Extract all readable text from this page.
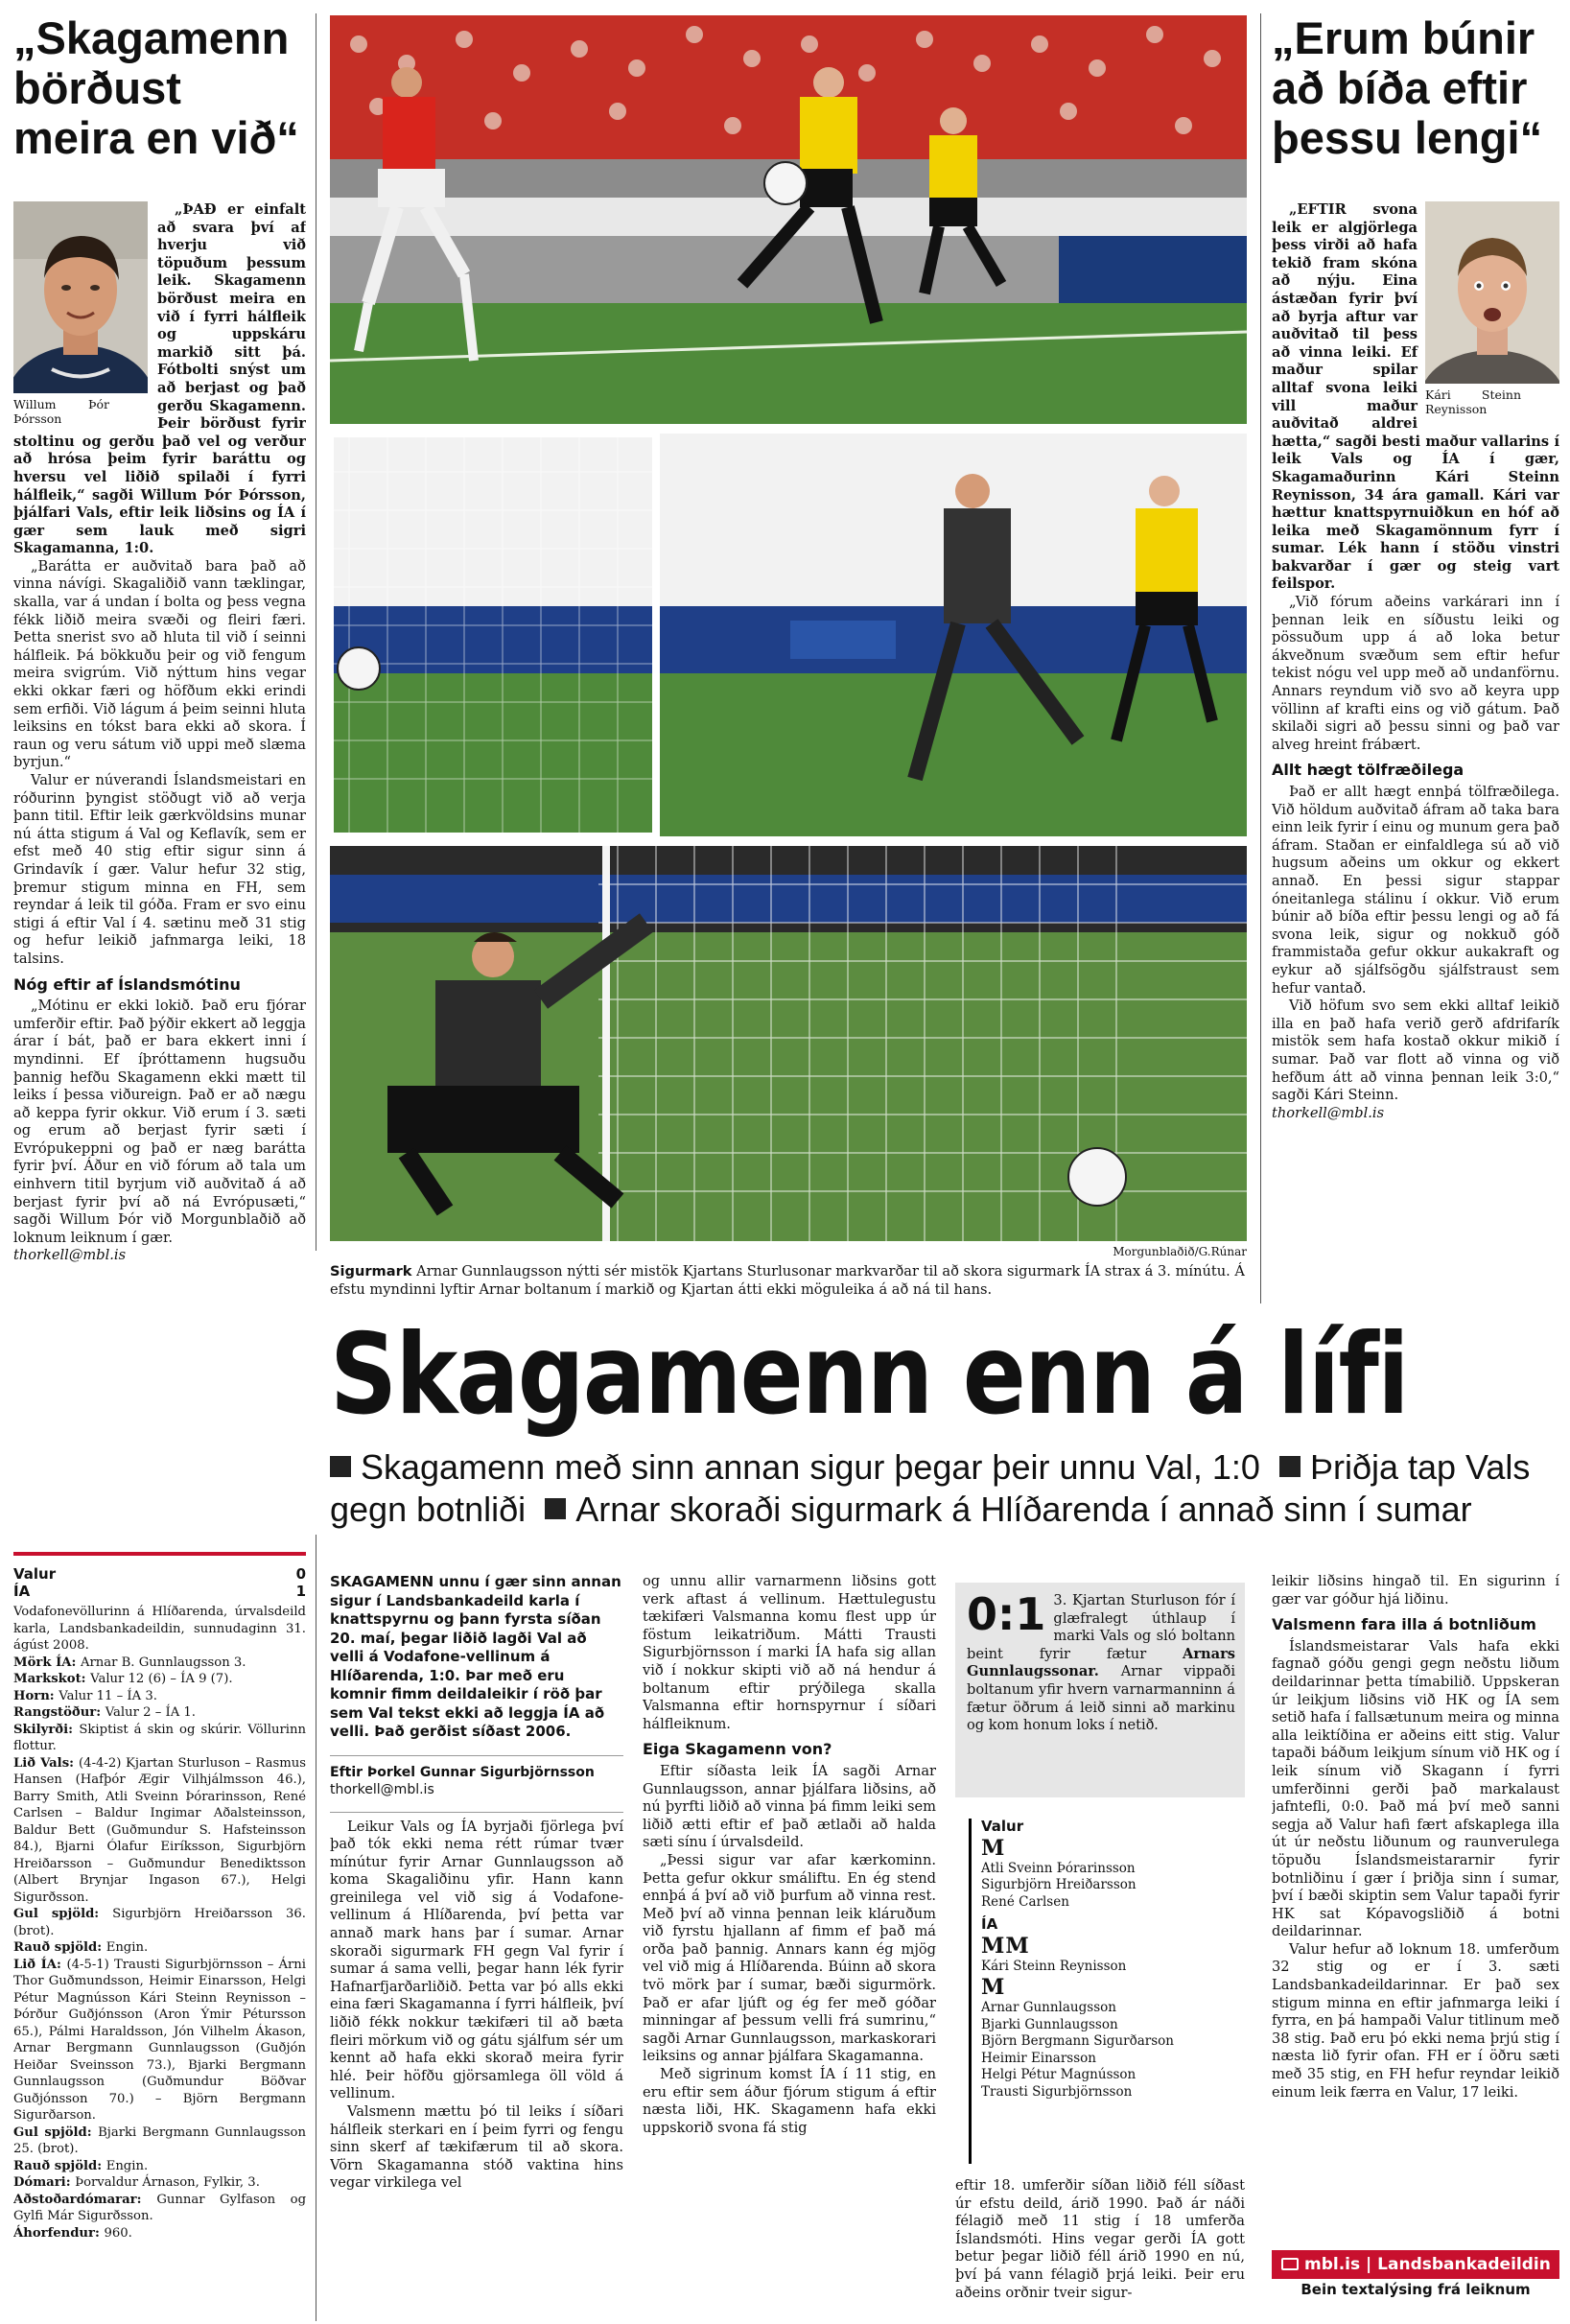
„Skagamenn börðust meira en við“
Willum Þór Þórsson

„ÞAÐ er einfalt að svara því af hverju við töpuðum þessum leik. Skagamenn börðust meira en við í fyrri hálfleik og uppskáru markið sitt þá. Fótbolti snýst um að berjast og það gerðu Skagamenn. Þeir börðust fyrir stoltinu og gerðu það vel og verður að hrósa þeim fyrir baráttu og hversu vel liðið spilaði í fyrri hálfleik,“ sagði Willum Þór Þórsson, þjálfari Vals, eftir leik liðsins og ÍA í gær sem lauk með sigri Skagamanna, 1:0.

„Baráttа er auðvitað bara það að vinna návígi. Skagaliðið vann tæklingar, skalla, var á undan í bolta og þess vegna fékk liðið meira svæði og fleiri færi. Þetta snerist svo að hluta til við í seinni hálfleik. Þá bökkuðu þeir og við fengum meira svigrúm. Við nýttum hins vegar ekki okkar færi og höfðum ekki erindi sem erfiði. Við lágum á þeim seinni hluta leiksins en tókst bara ekki að skora. Í raun og veru sátum við uppi með slæma byrjun.“

Valur er núverandi Íslandsmeistari en róðurinn þyngist stöðugt við að verja þann titil. Eftir leik gærkvöldsins munar nú átta stigum á Val og Keflavík, sem er efst með 40 stig eftir sigur sinn á Grindavík í gær. Valur hefur 32 stig, þremur stigum minna en FH, sem reyndar á leik til góða. Fram er svo einu stigi á eftir Val í 4. sætinu með 31 stig og hefur leikið jafnmarga leiki, 18 talsins.

Nóg eftir af Íslandsmótinu

„Mótinu er ekki lokið. Það eru fjórar umferðir eftir. Það þýðir ekkert að leggja árar í bát, það er bara ekkert inni í myndinni. Ef íþróttamenn hugsuðu þannig hefðu Skagamenn ekki mætt til leiks í þessa viðureign. Það er að nægu að keppa fyrir okkur. Við erum í 3. sæti og erum að berjast fyrir sæti í Evrópukeppni og það er næg barátta fyrir því. Áður en við fórum að tala um einhvern titil byrjum við auðvitað á að berjast fyrir því að ná Evrópusæti,“ sagði Willum Þór við Morgunblaðið að loknum leiknum í gær.

thorkell@mbl.is

Valur	0
ÍA	1
Vodafonevöllurinn á Hlíðarenda, úrvalsdeild karla, Landsbankadeildin, sunnudaginn 31. ágúst 2008.
Mörk ÍA: Arnar B. Gunnlaugsson 3.
Markskot: Valur 12 (6) – ÍA 9 (7).
Horn: Valur 11 – ÍA 3.
Rangstöður: Valur 2 – ÍA 1.
Skilyrði: Skiptist á skin og skúrir. Völlurinn flottur.
Lið Vals: (4-4-2) Kjartan Sturluson – Rasmus Hansen (Hafþór Ægir Vilhjálmsson 46.), Barry Smith, Atli Sveinn Þórarinsson, René Carlsen – Baldur Ingimar Aðalsteinsson, Baldur Bett (Guðmundur S. Hafsteinsson 84.), Bjarni Ólafur Eiríksson, Sigurbjörn Hreiðarsson – Guðmundur Benediktsson (Albert Brynjar Ingason 67.), Helgi Sigurðsson.
Gul spjöld: Sigurbjörn Hreiðarsson 36. (brot).
Rauð spjöld: Engin.
Lið ÍA: (4-5-1) Trausti Sigurbjörnsson – Árni Thor Guðmundsson, Heimir Einarsson, Helgi Pétur Magnússon Kári Steinn Reynisson – Þórður Guðjónsson (Aron Ýmir Pétursson 65.), Pálmi Haraldsson, Jón Vilhelm Ákason, Arnar Bergmann Gunnlaugsson (Guðjón Heiðar Sveinsson 73.), Bjarki Bergmann Gunnlaugsson (Guðmundur Böðvar Guðjónsson 70.) – Björn Bergmann Sigurðarson.
Gul spjöld: Bjarki Bergmann Gunnlaugsson 25. (brot).
Rauð spjöld: Engin.
Dómari: Þorvaldur Árnason, Fylkir, 3.
Aðstoðardómarar: Gunnar Gylfason og Gylfi Már Sigurðsson.
Áhorfendur: 960.
Morgunblaðið/G.Rúnar
Sigurmark Arnar Gunnlaugsson nýtti sér mistök Kjartans Sturlusonar markvarðar til að skora sigurmark ÍA strax á 3. mínútu. Á efstu myndinni lyftir Arnar boltanum í markið og Kjartan átti ekki möguleika á að ná til hans.
„Erum búnir að bíða eftir þessu lengi“
Kári Steinn Reynisson

„EFTIR svona leik er algjörlega þess virði að hafa tekið fram skóna að nýju. Eina ástæðan fyrir því að byrja aftur var auðvitað til þess að vinna leiki. Ef maður spilar alltaf svona leiki vill maður auðvitað aldrei hætta,“ sagði besti maður vallarins í leik Vals og ÍA í gær, Skagamaðurinn Kári Steinn Reynisson, 34 ára gamall. Kári var hættur knattspyrnuiðkun en hóf að leika með Skagamönnum fyrr í sumar. Lék hann í stöðu vinstri bakvarðar í gær og steig vart feilspor.

„Við fórum aðeins varkárari inn í þennan leik en síðustu leiki og pössuðum upp á að loka betur ákveðnum svæðum sem eftir hefur tekist nógu vel upp með að undanförnu. Annars reyndum við svo að keyra upp völlinn af krafti eins og við gátum. Það skilaði sigri að þessu sinni og það var alveg hreint frábært.

Allt hægt tölfræðilega

Það er allt hægt ennþá tölfræðilega. Við höldum auðvitað áfram að taka bara einn leik fyrir í einu og munum gera það áfram. Staðan er einfaldlega sú að við hugsum aðeins um okkur og ekkert annað. En þessi sigur stappar óneitanlega stálinu í okkur. Við erum búnir að bíða eftir þessu lengi og að fá svona leik, sigur og nokkuð góð frammistaða gefur okkur aukakraft og eykur að sjálfsögðu sjálfstraust sem hefur vantað.

Við höfum svo sem ekki alltaf leikið illa en það hafa verið gerð afdrifarík mistök sem hafa kostað okkur mikið í sumar. Það var flott að vinna og við hefðum átt að vinna þennan leik 3:0,“ sagði Kári Steinn.

thorkell@mbl.is

Skagamenn enn á lífi
Skagamenn með sinn annan sigur þegar þeir unnu Val, 1:0 Þriðja tap Vals gegn botnliði Arnar skoraði sigurmark á Hlíðarenda í annað sinn í sumar
SKAGAMENN unnu í gær sinn annan sigur í Landsbankadeild karla í knattspyrnu og þann fyrsta síðan 20. maí, þegar liðið lagði Val að velli á Vodafone-vellinum á Hlíðarenda, 1:0. Þar með eru komnir fimm deildaleikir í röð þar sem Val tekst ekki að leggja ÍA að velli. Það gerðist síðast 2006.
Eftir Þorkel Gunnar Sigurbjörnsson
thorkell@mbl.is

Leikur Vals og ÍA byrjaði fjörlega því það tók ekki nema rétt rúmar tvær mínútur fyrir Arnar Gunnlaugsson að koma Skagaliðinu yfir. Hann kann greinilega vel við sig á Vodafone-vellinum á Hlíðarenda, því þetta var annað mark hans þar í sumar. Arnar skoraði sigurmark FH gegn Val fyrir í sumar á sama velli, þegar hann lék fyrir Hafnarfjarðarliðið. Þetta var þó alls ekki eina færi Skagamanna í fyrri hálfleik, því liðið fékk nokkur tækifæri til að bæta fleiri mörkum við og gátu sjálfum sér um kennt að hafa ekki skorað meira fyrir hlé. Þeir höfðu gjörsamlega öll völd á vellinum.

Valsmenn mættu þó til leiks í síðari hálfleik sterkari en í þeim fyrri og fengu sinn skerf af tækifærum til að skora. Vörn Skagamanna stóð vaktina hins vegar virkilega vel

og unnu allir varnarmenn liðsins gott verk aftast á vellinum. Hættulegustu tækifæri Valsmanna komu flest upp úr föstum leikatriðum. Mátti Trausti Sigurbjörnsson í marki ÍA hafa sig allan við í nokkur skipti við að ná hendur á boltanum eftir prýðilega skalla Valsmanna eftir hornspyrnur í síðari hálfleiknum.

Eiga Skagamenn von?

Eftir síðasta leik ÍA sagði Arnar Gunnlaugsson, annar þjálfara liðsins, að nú þyrfti liðið að vinna þá fimm leiki sem liðið ætti eftir ef það ætlaði að halda sæti sínu í úrvalsdeild.

„Þessi sigur var afar kærkominn. Þetta gefur okkur smáliftu. En ég stend ennþá á því að við þurfum að vinna rest. Með því að vinna þennan leik kláruðum við fyrstu hjallann af fimm ef það má orða það þannig. Annars kann ég mjög vel við mig á Hlíðarenda. Búinn að skora tvö mörk þar í sumar, bæði sigurmörk. Það er afar ljúft og ég fer með góðar minningar af þessum velli frá sumrinu,“ sagði Arnar Gunnlaugsson, markaskorari leiksins og annar þjálfara Skagamanna.

Með sigrinum komst ÍA í 11 stig, en eru eftir sem áður fjórum stigum á eftir næsta liði, HK. Skagamenn hafa ekki uppskorið svona fá stig

0:1 3. Kjartan Sturluson fór í glæfralegt úthlaup í marki Vals og sló boltann beint fyrir fætur	Arnars Gunnlaugssonar. Arnar vippaði boltanum yfir hvern varnarmanninn á fætur öðrum á leið sinni að markinu og kom honum loks í netið.
Valur
M
Atli Sveinn Þórarinsson
Sigurbjörn Hreiðarsson
René Carlsen
ÍA
MM
Kári Steinn Reynisson
M
Arnar Gunnlaugsson
Bjarki Gunnlaugsson
Björn Bergmann Sigurðarson
Heimir Einarsson
Helgi Pétur Magnússon
Trausti Sigurbjörnsson

eftir 18. umferðir síðan liðið féll síðast úr efstu deild, árið 1990. Það ár náði félagið með 11 stig í 18 umferða Íslandsmóti. Hins vegar gerði ÍA gott betur þegar liðið féll árið 1990 en nú, því þá vann félagið þrjá leiki. Þeir eru aðeins orðnir tveir sigur-

leikir liðsins hingað til. En sigurinn í gær var góður hjá liðinu.

Valsmenn fara illa á botnliðum

Íslandsmeistarar Vals hafa ekki fagnað góðu gengi gegn neðstu liðum deildarinnar þetta tímabilið. Uppskeran úr leikjum liðsins við HK og ÍA sem setið hafa í fallsætunum meira og minna alla leiktíðina er aðeins eitt stig. Valur tapaði báðum leikjum sínum við HK og í leik sínum við Skagann í fyrri umferðinni gerði það markalaust jafntefli, 0:0. Það má því með sanni segja að Valur hafi fært afskaplega illa út úr neðstu liðunum og raunverulega töpuðu Íslandsmeistararnir fyrir botnliðinu í gær í þriðja sinn í sumar, því í bæði skiptin sem Valur tapaði fyrir HK sat Kópavogsliðið á botni deildarinnar.

Valur hefur að loknum 18. umferðum 32 stig og er í 3. sæti Landsbankadeildarinnar. Er það sex stigum minna en eftir jafnmarga leiki í fyrra, en þá hampaði Valur titlinum með 38 stig. Það eru þó ekki nema þrjú stig í næsta lið fyrir ofan. FH er í öðru sæti með 35 stig, en FH hefur reyndar leikið einum leik færra en Valur, 17 leiki.

mbl.is | Landsbankadeildin
Bein textalýsing frá leiknum
